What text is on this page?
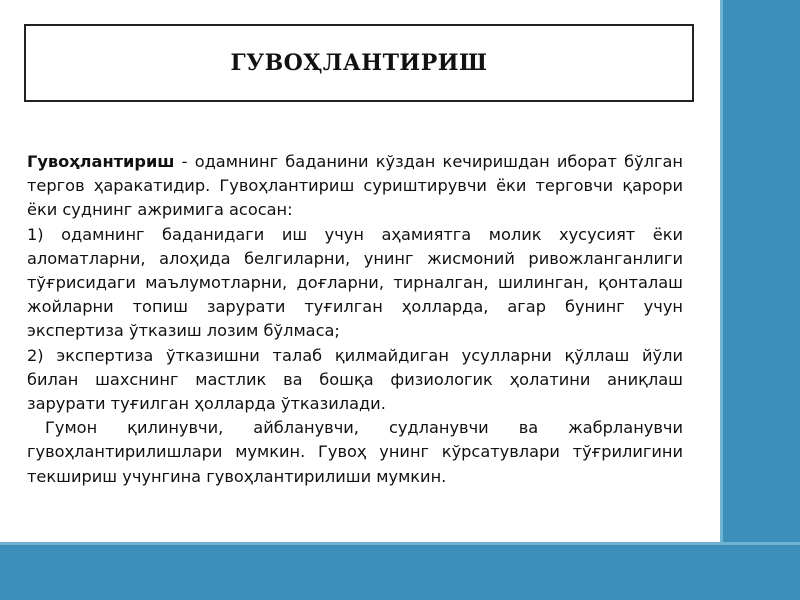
ГУВОҲЛАНТИРИШ

Гувоҳлантириш - одамнинг баданини кўздан кечиришдан иборат бўлган тергов ҳаракатидир. Гувоҳлантириш суриштирувчи ёки терговчи қарори ёки суднинг ажримига асосан:

1) одамнинг баданидаги иш учун аҳамиятга молик хусусият ёки аломатларни, алоҳида белгиларни, унинг жисмоний ривожланганлиги тўғрисидаги маълумотларни, доғларни, тирналган, шилинган, қонталаш жойларни топиш зарурати туғилган ҳолларда, агар бунинг учун экспертиза ўтказиш лозим бўлмаса;

2) экспертиза ўтказишни талаб қилмайдиган усулларни қўллаш йўли билан шахснинг мастлик ва бошқа физиологик ҳолатини аниқлаш зарурати туғилган ҳолларда ўтказилади.

Гумон қилинувчи, айбланувчи, судланувчи ва жабрланувчи гувоҳлантирилишлари мумкин. Гувоҳ унинг кўрсатувлари тўғрилигини текшириш учунгина гувоҳлантирилиши мумкин.
